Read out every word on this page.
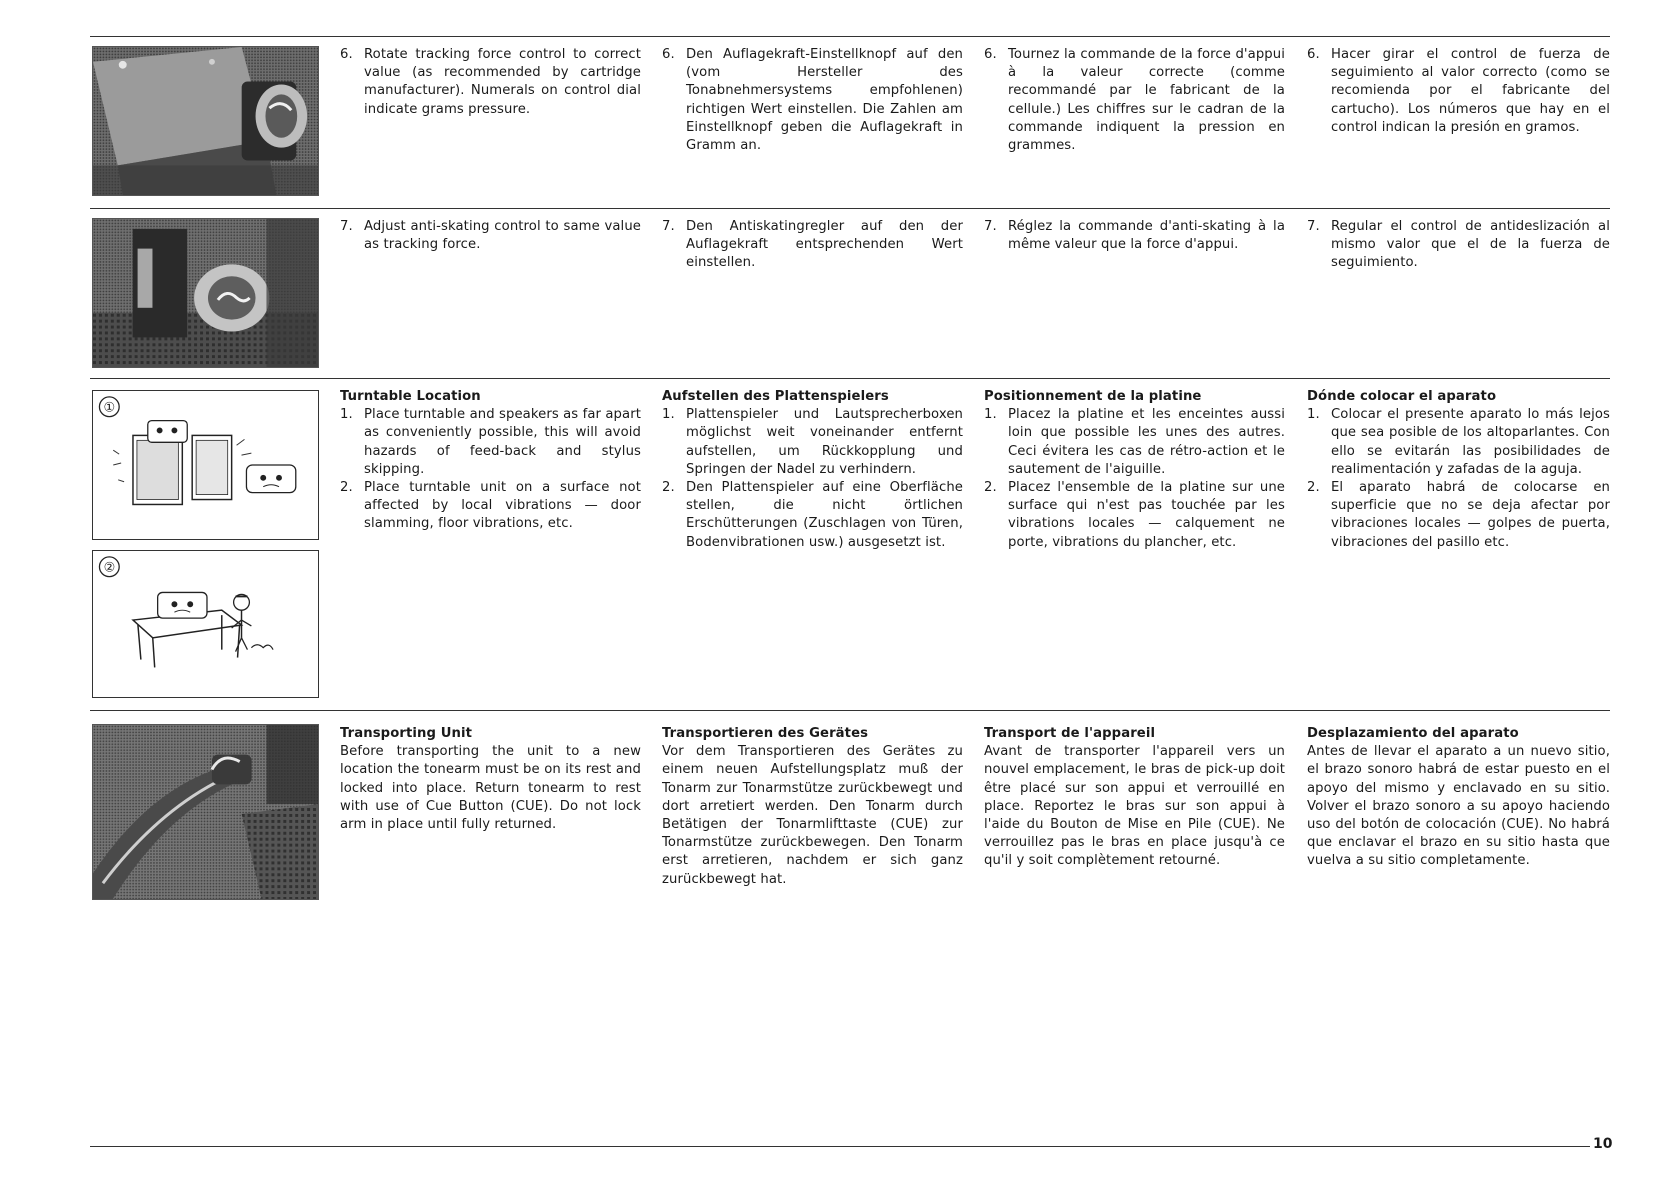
6. Rotate tracking force control to correct value (as recommended by cartridge manufacturer). Numerals on control dial indicate grams pressure.
6. Den Auflagekraft-Einstellknopf auf den (vom Hersteller des Tonabnehmersystems empfohlenen) richtigen Wert einstellen. Die Zahlen am Einstellknopf geben die Auflagekraft in Gramm an.
6. Tournez la commande de la force d'appui à la valeur correcte (comme recommandé par le fabricant de la cellule.) Les chiffres sur le cadran de la commande indiquent la pression en grammes.
6. Hacer girar el control de fuerza de seguimiento al valor correcto (como se recomienda por el fabricante del cartucho). Los números que hay en el control indican la presión en gramos.
7. Adjust anti-skating control to same value as tracking force.
7. Den Antiskatingregler auf den der Auflagekraft entsprechenden Wert einstellen.
7. Réglez la commande d'anti-skating à la même valeur que la force d'appui.
7. Regular el control de antideslización al mismo valor que el de la fuerza de seguimiento.
①
②
Turntable Location
1. Place turntable and speakers as far apart as conveniently possible, this will avoid hazards of feed-back and stylus skipping.
2. Place turntable unit on a surface not affected by local vibrations — door slamming, floor vibrations, etc.
Aufstellen des Plattenspielers
1. Plattenspieler und Lautsprecherboxen möglichst weit voneinander entfernt aufstellen, um Rückkopplung und Springen der Nadel zu verhindern.
2. Den Plattenspieler auf eine Oberfläche stellen, die nicht örtlichen Erschütterungen (Zuschlagen von Türen, Bodenvibrationen usw.) ausgesetzt ist.
Positionnement de la platine
1. Placez la platine et les enceintes aussi loin que possible les unes des autres. Ceci évitera les cas de rétro-action et le sautement de l'aiguille.
2. Placez l'ensemble de la platine sur une surface qui n'est pas touchée par les vibrations locales — calquement ne porte, vibrations du plancher, etc.
Dónde colocar el aparato
1. Colocar el presente aparato lo más lejos que sea posible de los altoparlantes. Con ello se evitarán las posibilidades de realimentación y zafadas de la aguja.
2. El aparato habrá de colocarse en superficie que no se deja afectar por vibraciones locales — golpes de puerta, vibraciones del pasillo etc.
Transporting Unit
Before transporting the unit to a new location the tonearm must be on its rest and locked into place. Return tonearm to rest with use of Cue Button (CUE). Do not lock arm in place until fully returned.
Transportieren des Gerätes
Vor dem Transportieren des Gerätes zu einem neuen Aufstellungsplatz muß der Tonarm zur Tonarmstütze zurückbewegt und dort arretiert werden. Den Tonarm durch Betätigen der Tonarmlifttaste (CUE) zur Tonarmstütze zurückbewegen. Den Tonarm erst arretieren, nachdem er sich ganz zurückbewegt hat.
Transport de l'appareil
Avant de transporter l'appareil vers un nouvel emplacement, le bras de pick-up doit être placé sur son appui et verrouillé en place. Reportez le bras sur son appui à l'aide du Bouton de Mise en Pile (CUE). Ne verrouillez pas le bras en place jusqu'à ce qu'il y soit complètement retourné.
Desplazamiento del aparato
Antes de llevar el aparato a un nuevo sitio, el brazo sonoro habrá de estar puesto en el apoyo del mismo y enclavado en su sitio. Volver el brazo sonoro a su apoyo haciendo uso del botón de colocación (CUE). No habrá que enclavar el brazo en su sitio hasta que vuelva a su sitio completamente.
10
